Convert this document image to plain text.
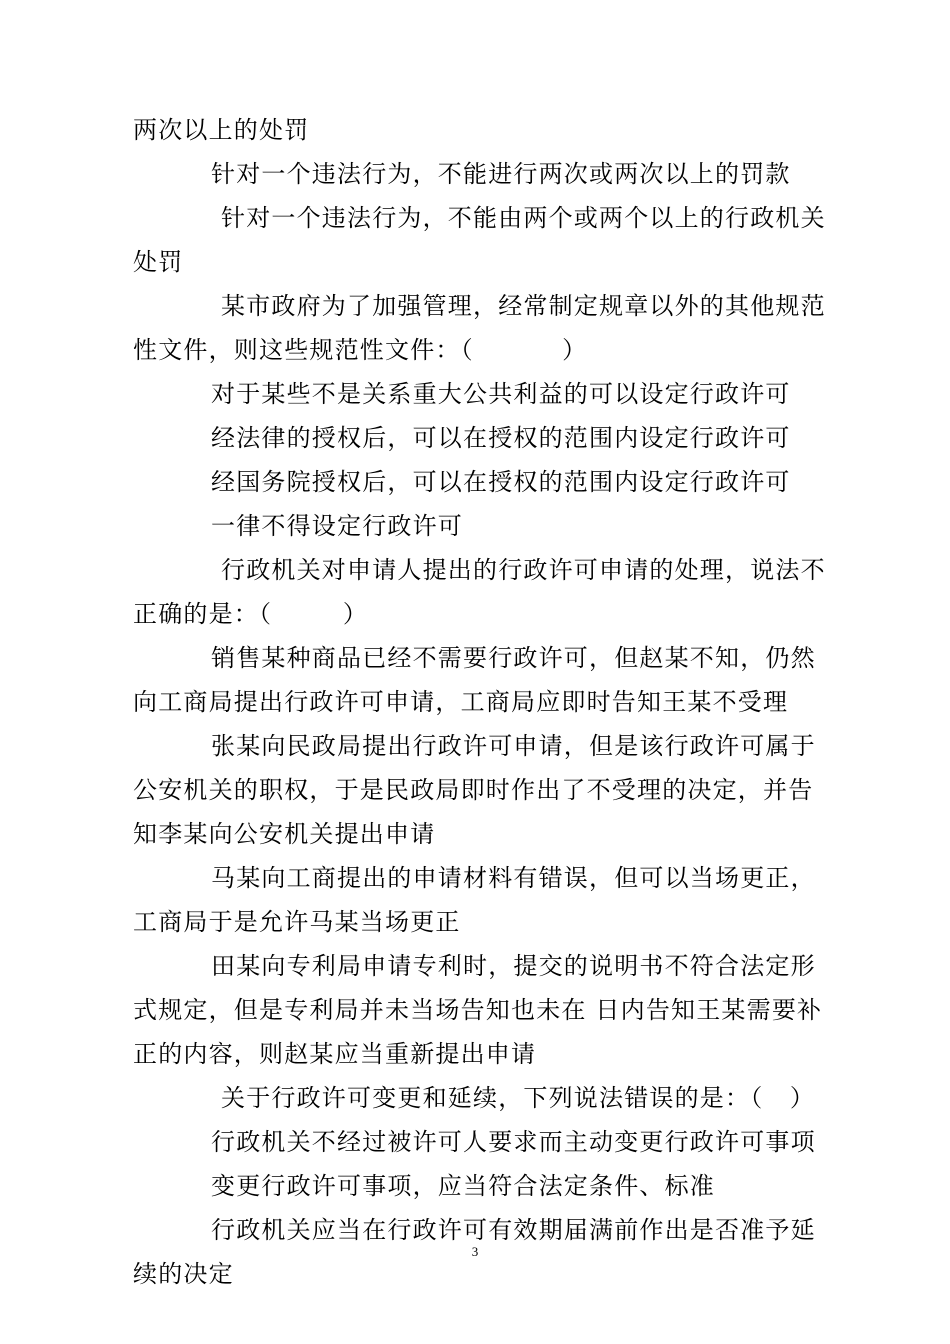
两次以上的处罚
针对一个违法行为，不能进行两次或两次以上的罚款
针对一个违法行为，不能由两个或两个以上的行政机关
处罚
某市政府为了加强管理，经常制定规章以外的其他规范
性文件，则这些规范性文件：（          ）
对于某些不是关系重大公共利益的可以设定行政许可
经法律的授权后，可以在授权的范围内设定行政许可
经国务院授权后，可以在授权的范围内设定行政许可
一律不得设定行政许可
行政机关对申请人提出的行政许可申请的处理，说法不
正确的是：（        ）
销售某种商品已经不需要行政许可，但赵某不知，仍然
向工商局提出行政许可申请，工商局应即时告知王某不受理
张某向民政局提出行政许可申请，但是该行政许可属于
公安机关的职权，于是民政局即时作出了不受理的决定，并告
知李某向公安机关提出申请
马某向工商提出的申请材料有错误，但可以当场更正，
工商局于是允许马某当场更正
田某向专利局申请专利时，提交的说明书不符合法定形
式规定，但是专利局并未当场告知也未在 日内告知王某需要补
正的内容，则赵某应当重新提出申请
关于行政许可变更和延续，下列说法错误的是：（   ）
行政机关不经过被许可人要求而主动变更行政许可事项
变更行政许可事项，应当符合法定条件、标准
行政机关应当在行政许可有效期届满前作出是否准予延
续的决定
3
